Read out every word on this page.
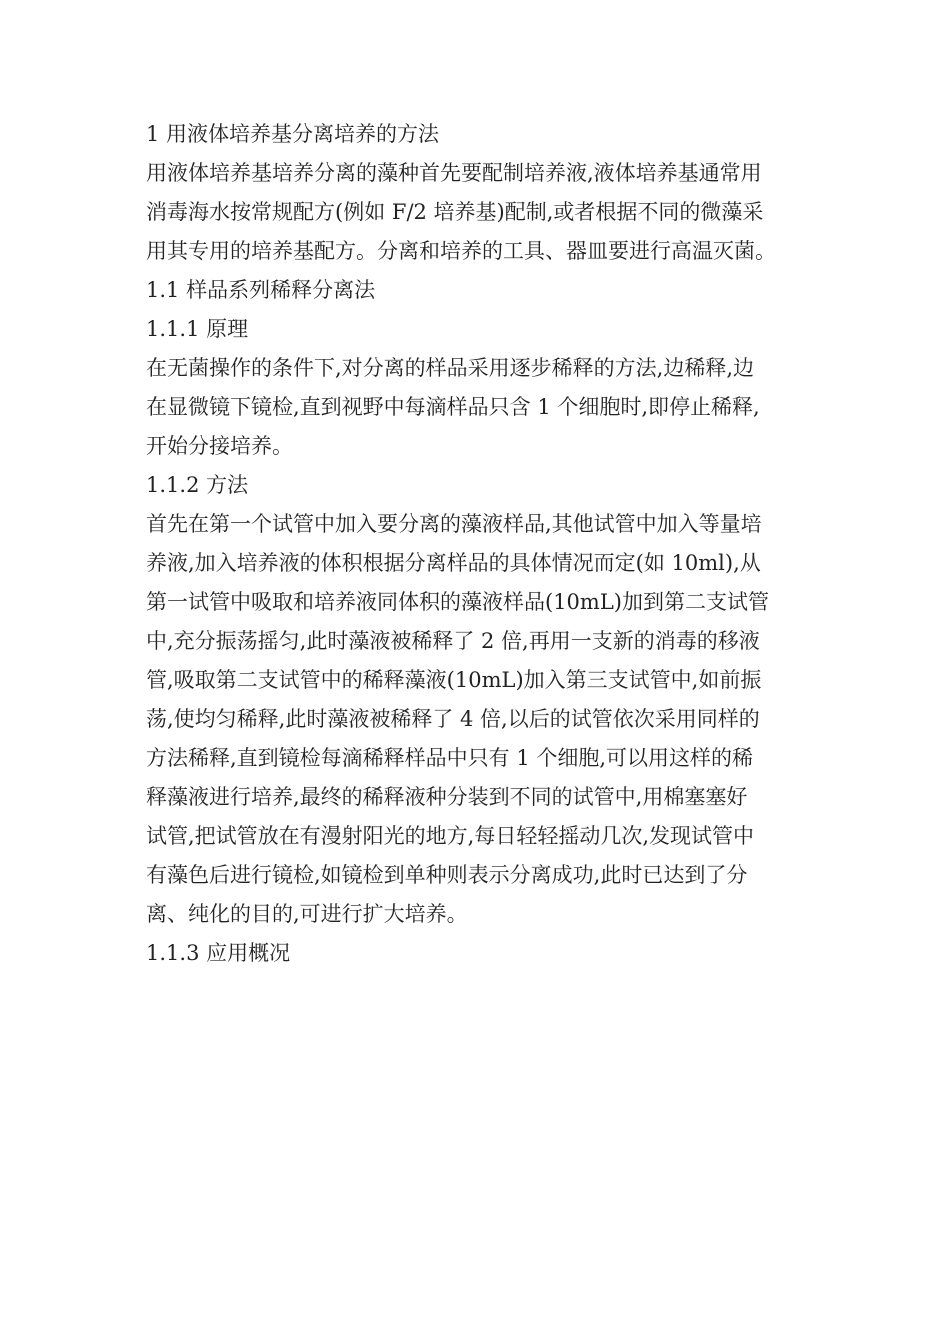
1 用液体培养基分离培养的方法
用液体培养基培养分离的藻种首先要配制培养液,液体培养基通常用
消毒海水按常规配方(例如 F/2 培养基)配制,或者根据不同的微藻采
用其专用的培养基配方。分离和培养的工具、器皿要进行高温灭菌。
1.1 样品系列稀释分离法
1.1.1 原理
在无菌操作的条件下,对分离的样品采用逐步稀释的方法,边稀释,边
在显微镜下镜检,直到视野中每滴样品只含 1 个细胞时,即停止稀释,
开始分接培养。
1.1.2 方法
首先在第一个试管中加入要分离的藻液样品,其他试管中加入等量培
养液,加入培养液的体积根据分离样品的具体情况而定(如 10ml),从
第一试管中吸取和培养液同体积的藻液样品(10mL)加到第二支试管
中,充分振荡摇匀,此时藻液被稀释了 2 倍,再用一支新的消毒的移液
管,吸取第二支试管中的稀释藻液(10mL)加入第三支试管中,如前振
荡,使均匀稀释,此时藻液被稀释了 4 倍,以后的试管依次采用同样的
方法稀释,直到镜检每滴稀释样品中只有 1 个细胞,可以用这样的稀
释藻液进行培养,最终的稀释液种分装到不同的试管中,用棉塞塞好
试管,把试管放在有漫射阳光的地方,每日轻轻摇动几次,发现试管中
有藻色后进行镜检,如镜检到单种则表示分离成功,此时已达到了分
离、纯化的目的,可进行扩大培养。
1.1.3 应用概况
